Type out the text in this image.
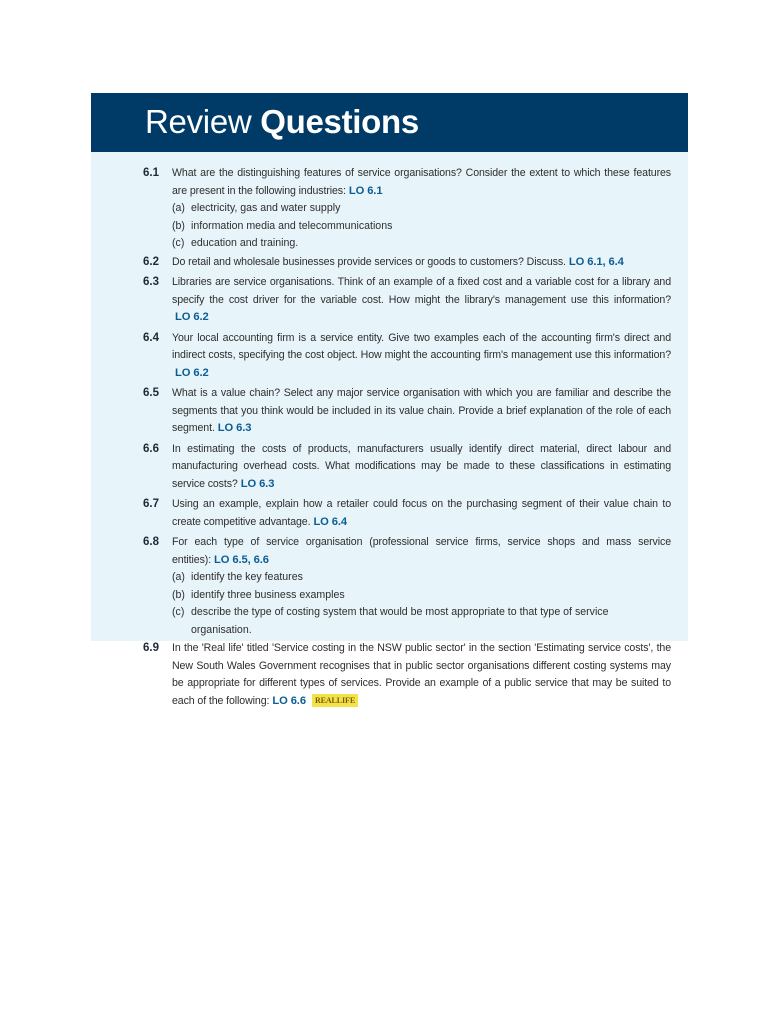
Review Questions
6.1	What are the distinguishing features of service organisations? Consider the extent to which these features are present in the following industries: LO 6.1
(a) electricity, gas and water supply
(b) information media and telecommunications
(c) education and training.
6.2	Do retail and wholesale businesses provide services or goods to customers? Discuss. LO 6.1, 6.4
6.3	Libraries are service organisations. Think of an example of a fixed cost and a variable cost for a library and specify the cost driver for the variable cost. How might the library's management use this information?LO 6.2
6.4	Your local accounting firm is a service entity. Give two examples each of the accounting firm's direct and indirect costs, specifying the cost object. How might the accounting firm's management use this information?LO 6.2
6.5	What is a value chain? Select any major service organisation with which you are familiar and describe the segments that you think would be included in its value chain. Provide a brief explanation of the role of each segment. LO 6.3
6.6	In estimating the costs of products, manufacturers usually identify direct material, direct labour and manufacturing overhead costs. What modifications may be made to these classifications in estimating service costs? LO 6.3
6.7	Using an example, explain how a retailer could focus on the purchasing segment of their value chain to create competitive advantage. LO 6.4
6.8	For each type of service organisation (professional service firms, service shops and mass service entities): LO 6.5, 6.6
(a) identify the key features
(b) identify three business examples
(c) describe the type of costing system that would be most appropriate to that type of service organisation.
6.9	In the 'Real life' titled 'Service costing in the NSW public sector' in the section 'Estimating service costs', the New South Wales Government recognises that in public sector organisations different costing systems may be appropriate for different types of services. Provide an example of a public service that may be suited to each of the following: LO 6.6 REALLIFE
